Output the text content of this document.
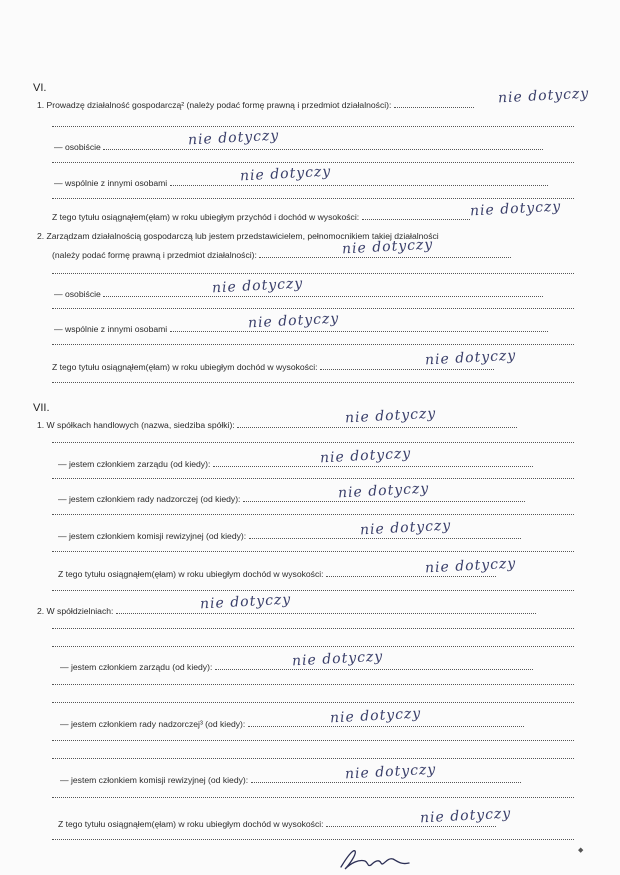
VI.
1. Prowadzę działalność gospodarczą² (należy podać formę prawną i przedmiot działalności):	nie dotyczy
— osobiście	nie dotyczy
— wspólnie z innymi osobami	nie dotyczy
Z tego tytułu osiągnąłem(ęłam) w roku ubiegłym przychód i dochód w wysokości:	nie dotyczy
2. Zarządzam działalnością gospodarczą lub jestem przedstawicielem, pełnomocnikiem takiej działalności
(należy podać formę prawną i przedmiot działalności):	nie dotyczy
— osobiście	nie dotyczy
— wspólnie z innymi osobami	nie dotyczy
Z tego tytułu osiągnąłem(ęłam) w roku ubiegłym dochód w wysokości:	nie dotyczy
VII.
1. W spółkach handlowych (nazwa, siedziba spółki):	nie dotyczy
— jestem członkiem zarządu (od kiedy):	nie dotyczy
— jestem członkiem rady nadzorczej (od kiedy):	nie dotyczy
— jestem członkiem komisji rewizyjnej (od kiedy):	nie dotyczy
Z tego tytułu osiągnąłem(ęłam) w roku ubiegłym dochód w wysokości:	nie dotyczy
2. W spółdzielniach:	nie dotyczy
— jestem członkiem zarządu (od kiedy):	nie dotyczy
— jestem członkiem rady nadzorczej³ (od kiedy):	nie dotyczy
— jestem członkiem komisji rewizyjnej (od kiedy):	nie dotyczy
Z tego tytułu osiągnąłem(ęłam) w roku ubiegłym dochód w wysokości:	nie dotyczy
◆
